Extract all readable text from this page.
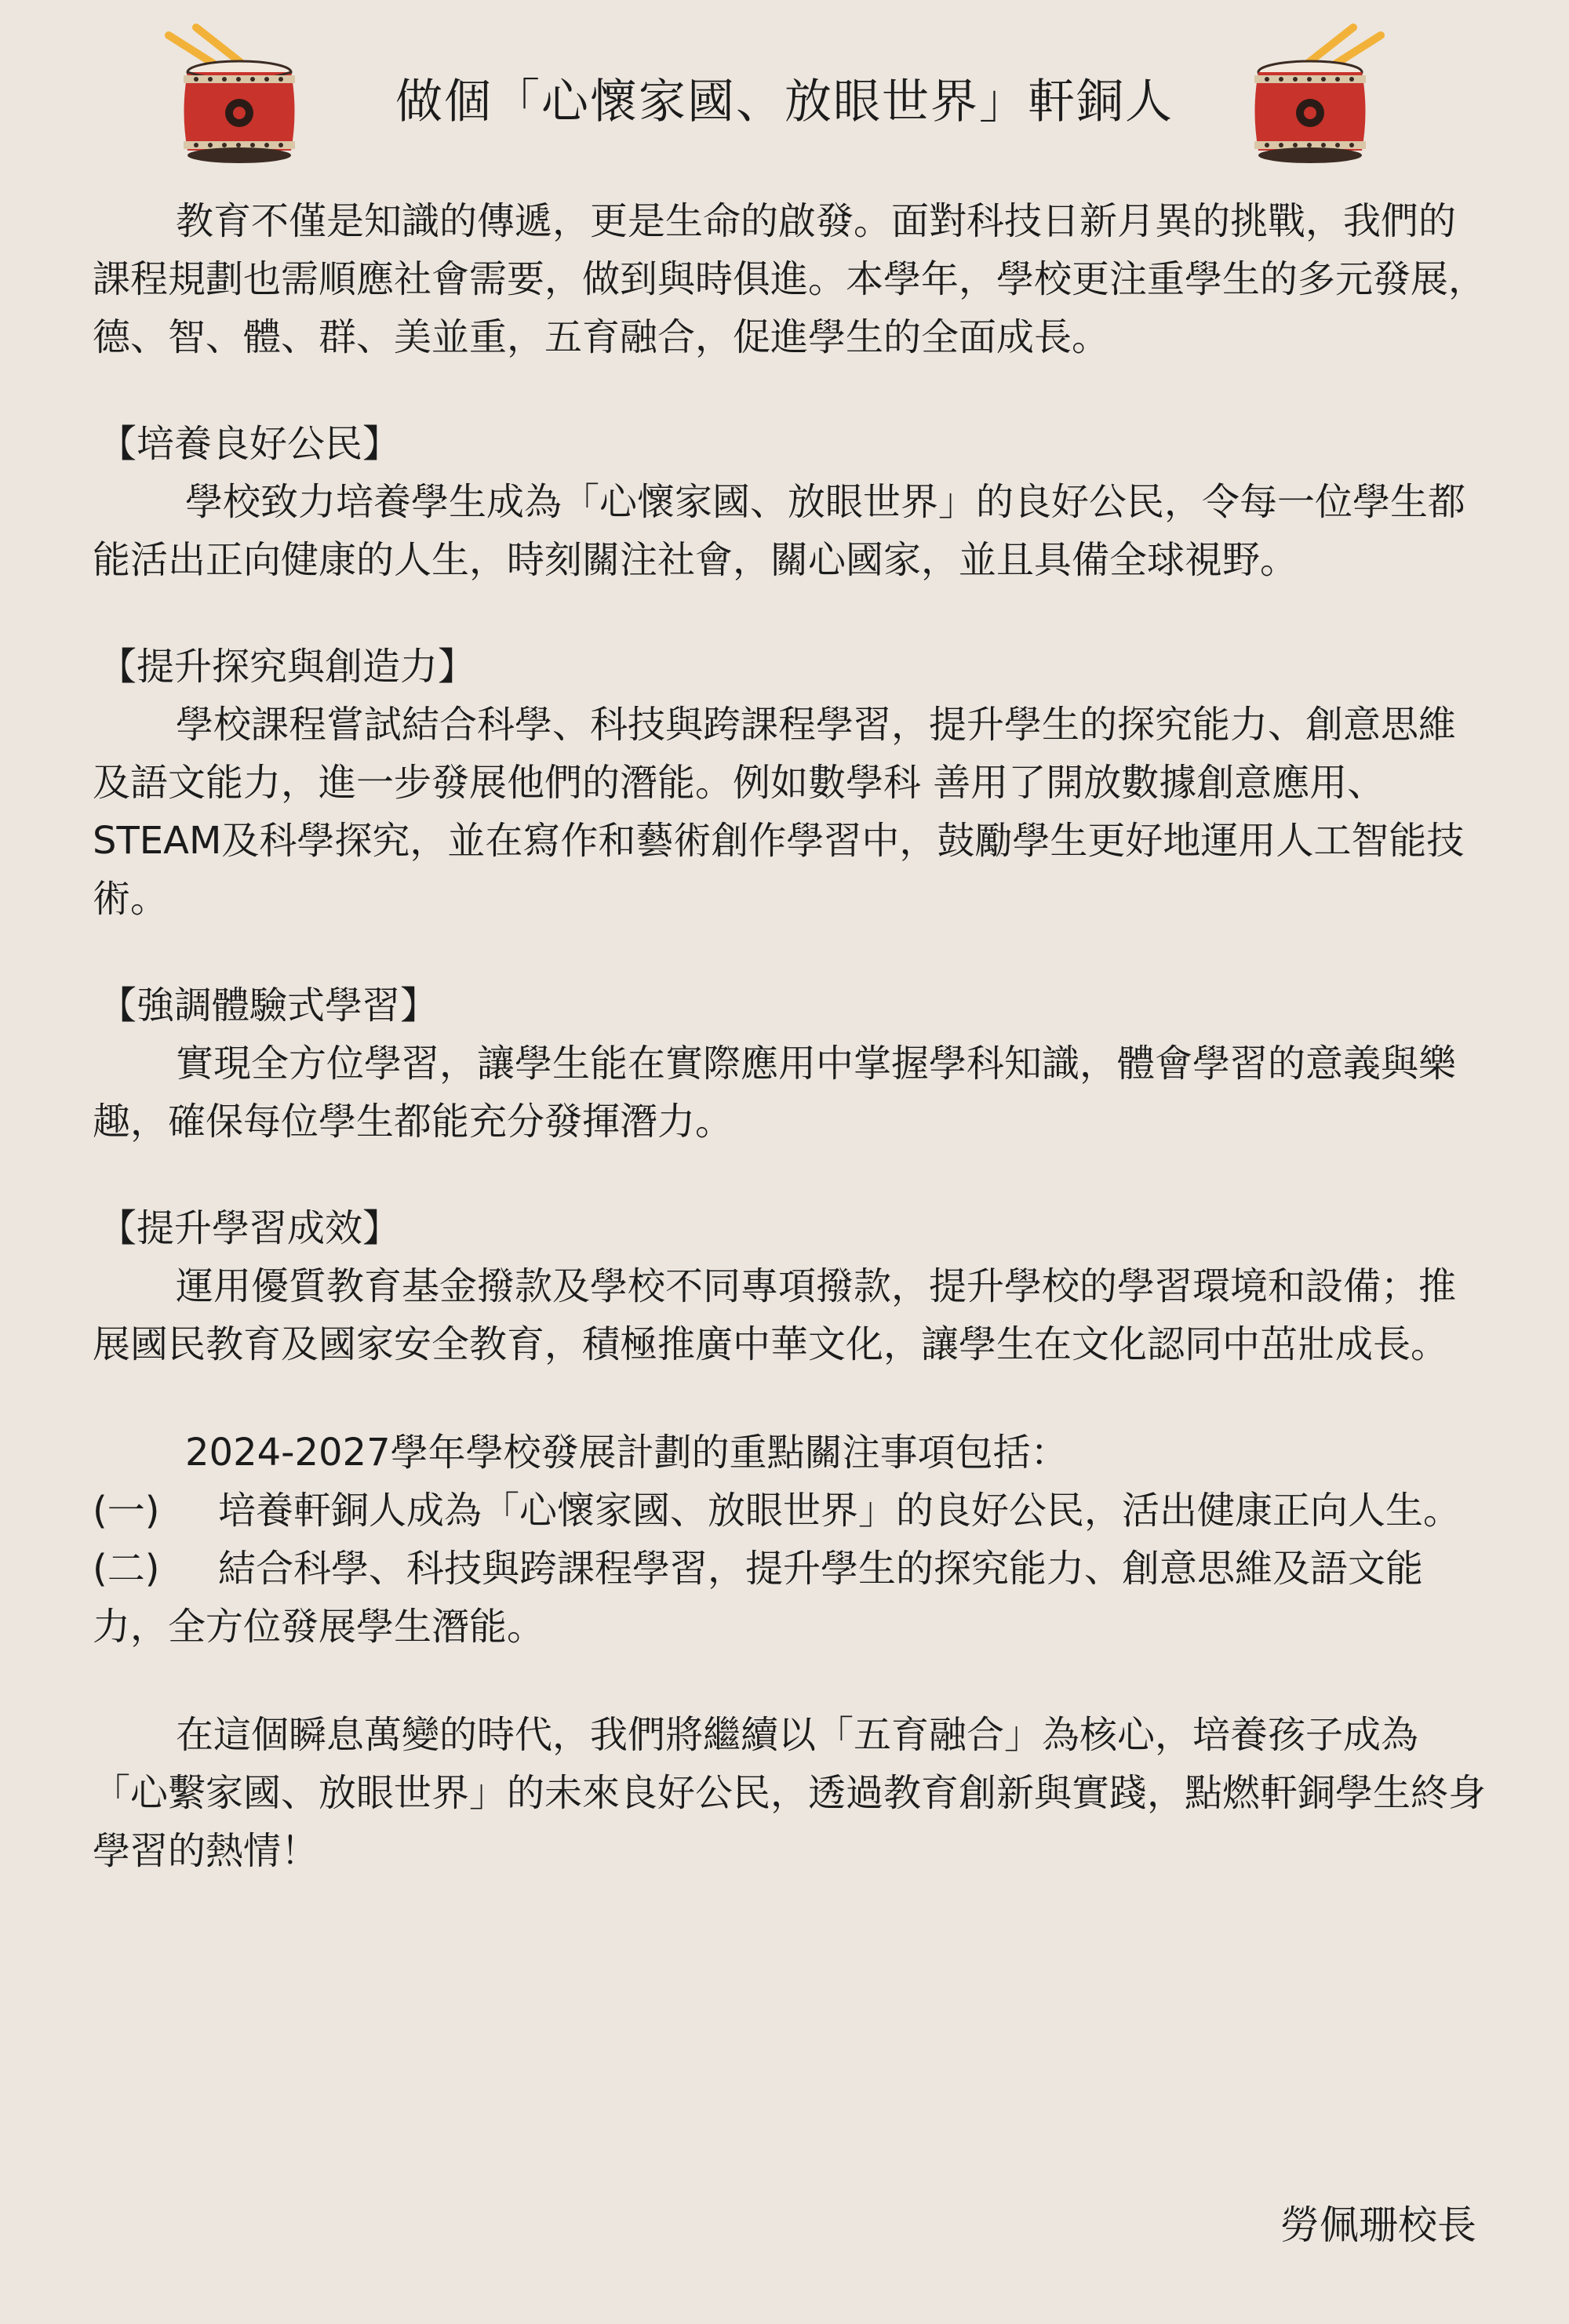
做個「心懷家國、放眼世界」軒銅人

教育不僅是知識的傳遞，更是生命的啟發。面對科技日新月異的挑戰，我們的課程規劃也需順應社會需要，做到與時俱進。本學年，學校更注重學生的多元發展，德、智、體、群、美並重，五育融合，促進學生的全面成長。

【培養良好公民】

學校致力培養學生成為「心懷家國、放眼世界」的良好公民，令每一位學生都能活出正向健康的人生，時刻關注社會，關心國家，並且具備全球視野。

【提升探究與創造力】

學校課程嘗試結合科學、科技與跨課程學習，提升學生的探究能力、創意思維及語文能力，進一步發展他們的潛能。例如數學科 善用了開放數據創意應用、STEAM及科學探究，並在寫作和藝術創作學習中，鼓勵學生更好地運用人工智能技術。

【強調體驗式學習】

實現全方位學習，讓學生能在實際應用中掌握學科知識，體會學習的意義與樂趣，確保每位學生都能充分發揮潛力。

【提升學習成效】

運用優質教育基金撥款及學校不同專項撥款，提升學校的學習環境和設備；推展國民教育及國家安全教育，積極推廣中華文化，讓學生在文化認同中茁壯成長。

2024-2027學年學校發展計劃的重點關注事項包括：

(一) 培養軒銅人成為「心懷家國、放眼世界」的良好公民，活出健康正向人生。

(二) 結合科學、科技與跨課程學習，提升學生的探究能力、創意思維及語文能力，全方位發展學生潛能。

在這個瞬息萬變的時代，我們將繼續以「五育融合」為核心，培養孩子成為「心繫家國、放眼世界」的未來良好公民，透過教育創新與實踐，點燃軒銅學生終身學習的熱情！

勞佩珊校長
